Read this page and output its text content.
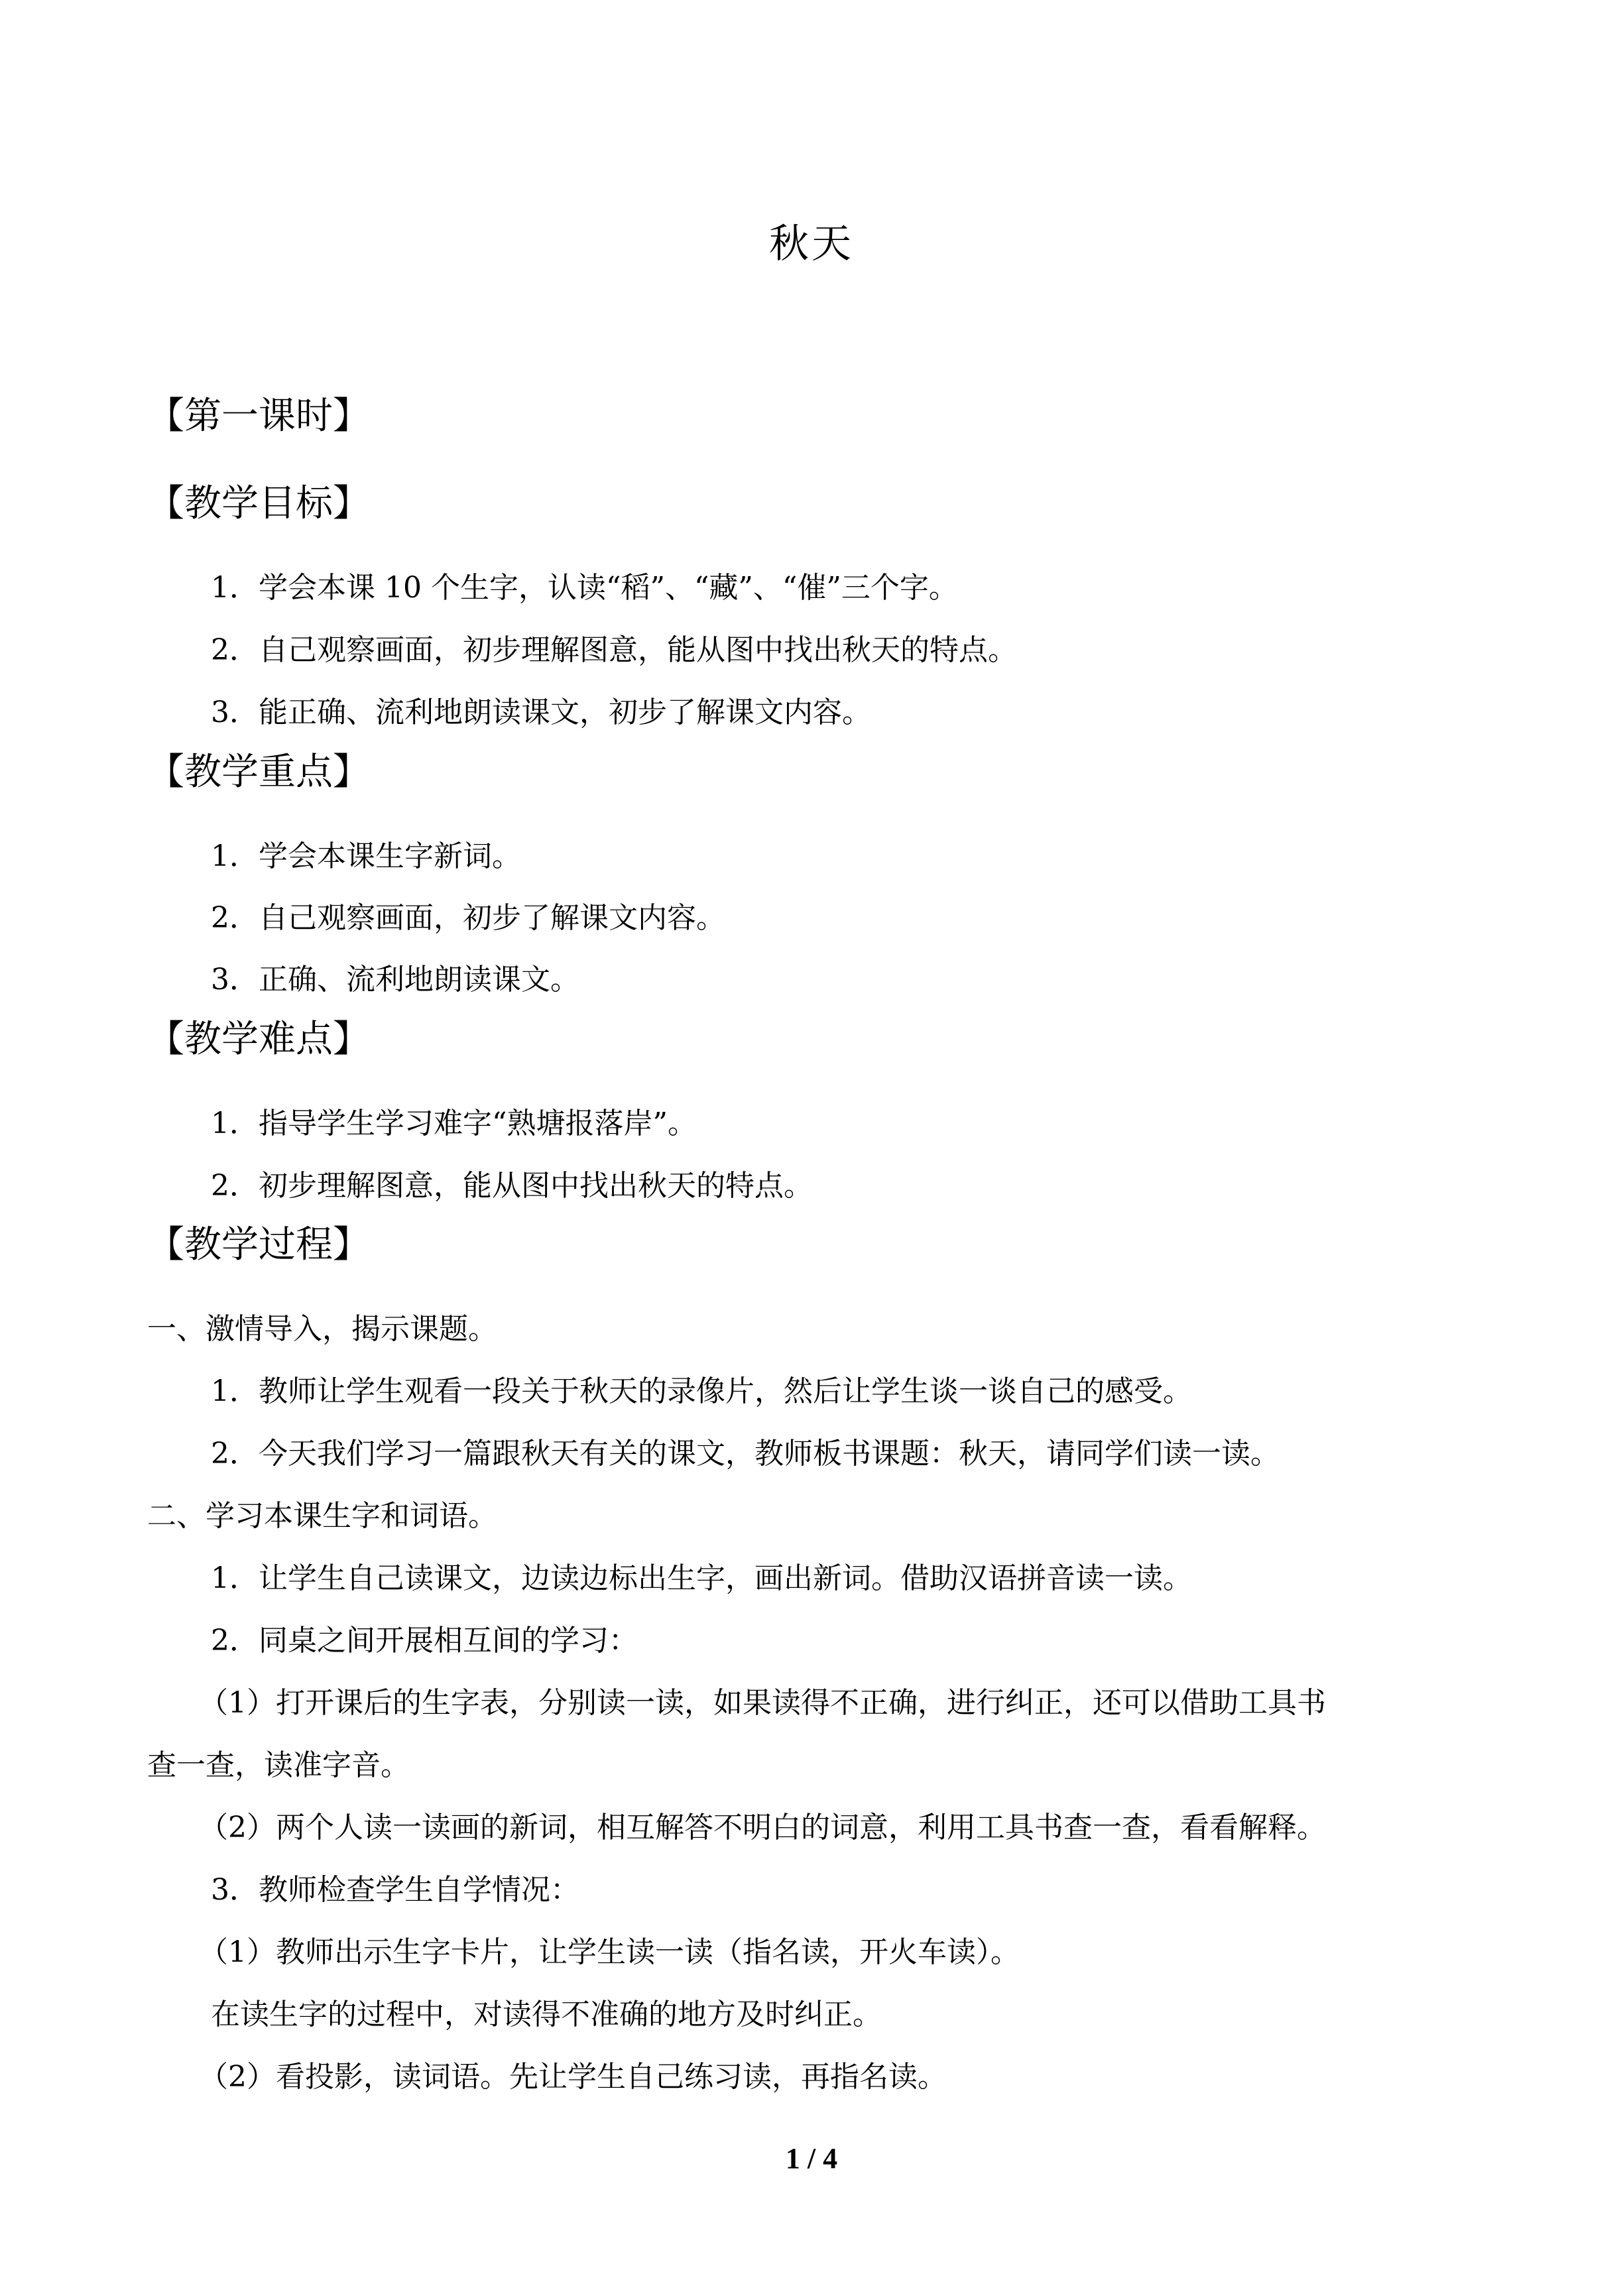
秋天
【第一课时】
【教学目标】
1．学会本课 10 个生字，认读“稻”、“藏”、“催”三个字。
2．自己观察画面，初步理解图意，能从图中找出秋天的特点。
3．能正确、流利地朗读课文，初步了解课文内容。
【教学重点】
1．学会本课生字新词。
2．自己观察画面，初步了解课文内容。
3．正确、流利地朗读课文。
【教学难点】
1．指导学生学习难字“熟塘报落岸”。
2．初步理解图意，能从图中找出秋天的特点。
【教学过程】
一、激情导入，揭示课题。
1．教师让学生观看一段关于秋天的录像片，然后让学生谈一谈自己的感受。
2．今天我们学习一篇跟秋天有关的课文，教师板书课题：秋天，请同学们读一读。
二、学习本课生字和词语。
1．让学生自己读课文，边读边标出生字，画出新词。借助汉语拼音读一读。
2．同桌之间开展相互间的学习：
（1）打开课后的生字表，分别读一读，如果读得不正确，进行纠正，还可以借助工具书
查一查，读准字音。
（2）两个人读一读画的新词，相互解答不明白的词意，利用工具书查一查，看看解释。
3．教师检查学生自学情况：
（1）教师出示生字卡片，让学生读一读（指名读，开火车读）。
在读生字的过程中，对读得不准确的地方及时纠正。
（2）看投影，读词语。先让学生自己练习读，再指名读。
1 / 4
